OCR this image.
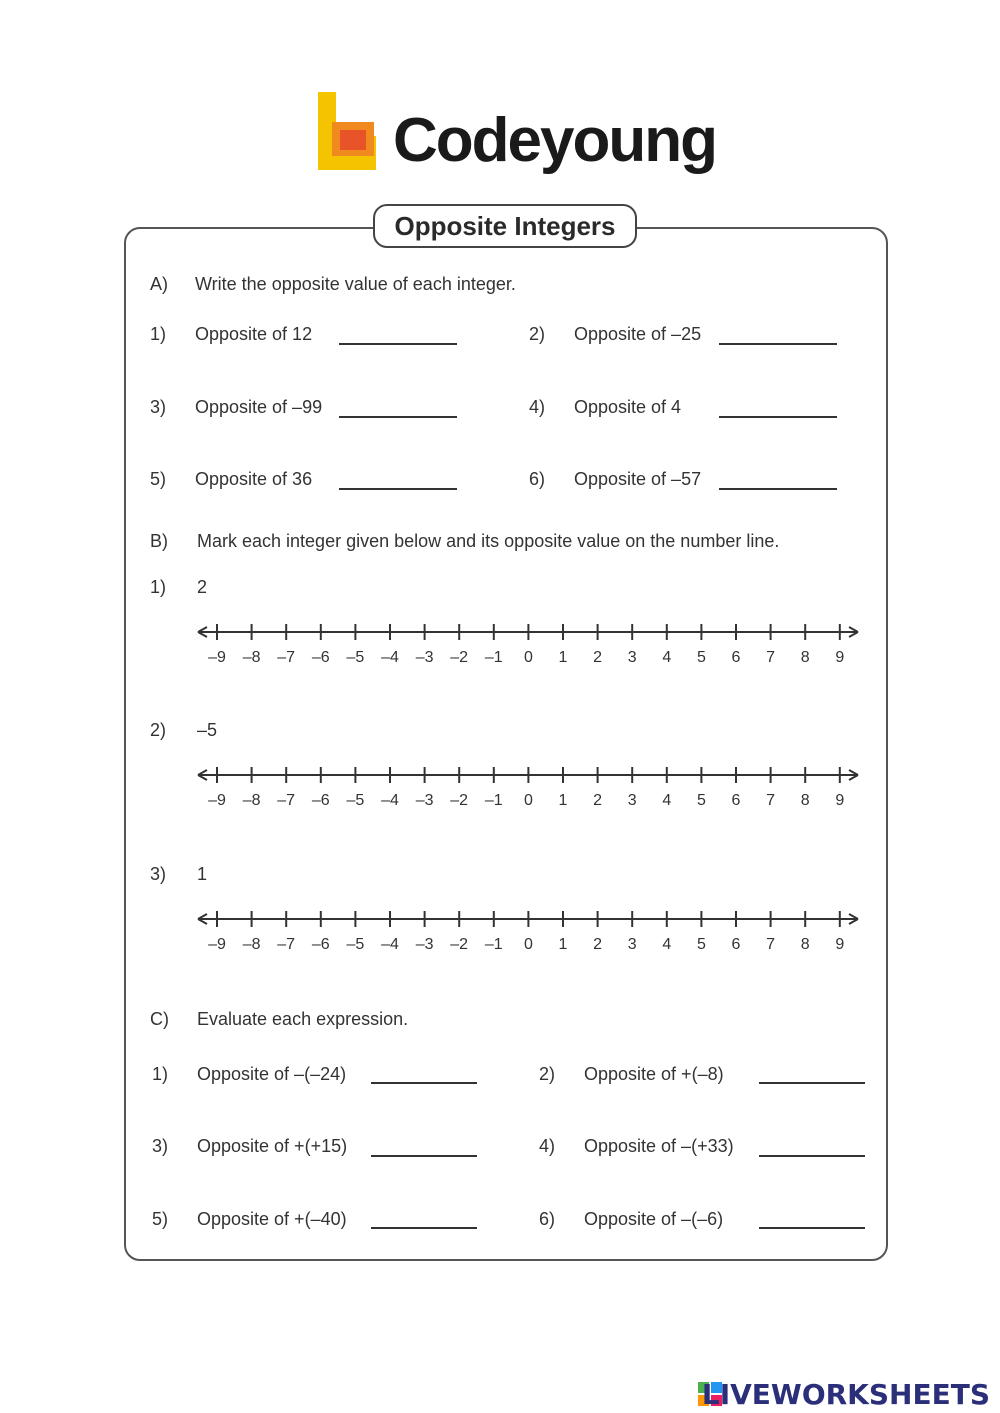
Codeyoung
Opposite Integers
A) Write the opposite value of each integer.
1) Opposite of 12	2) Opposite of –25
3) Opposite of –99	4) Opposite of 4
5) Opposite of 36	6) Opposite of –57
B) Mark each integer given below and its opposite value on the number line.
1) 2
–9	–8	–7	–6	–5	–4	–3	–2	–1	0	1	2	3	4	5	6	7	8	9
2) –5
–9	–8	–7	–6	–5	–4	–3	–2	–1	0	1	2	3	4	5	6	7	8	9
3) 1
–9	–8	–7	–6	–5	–4	–3	–2	–1	0	1	2	3	4	5	6	7	8	9
C) Evaluate each expression.
1) Opposite of –(–24)	2) Opposite of +(–8)
3) Opposite of +(+15)	4) Opposite of –(+33)
5) Opposite of +(–40)	6) Opposite of –(–6)
LIVEWORKSHEETS
